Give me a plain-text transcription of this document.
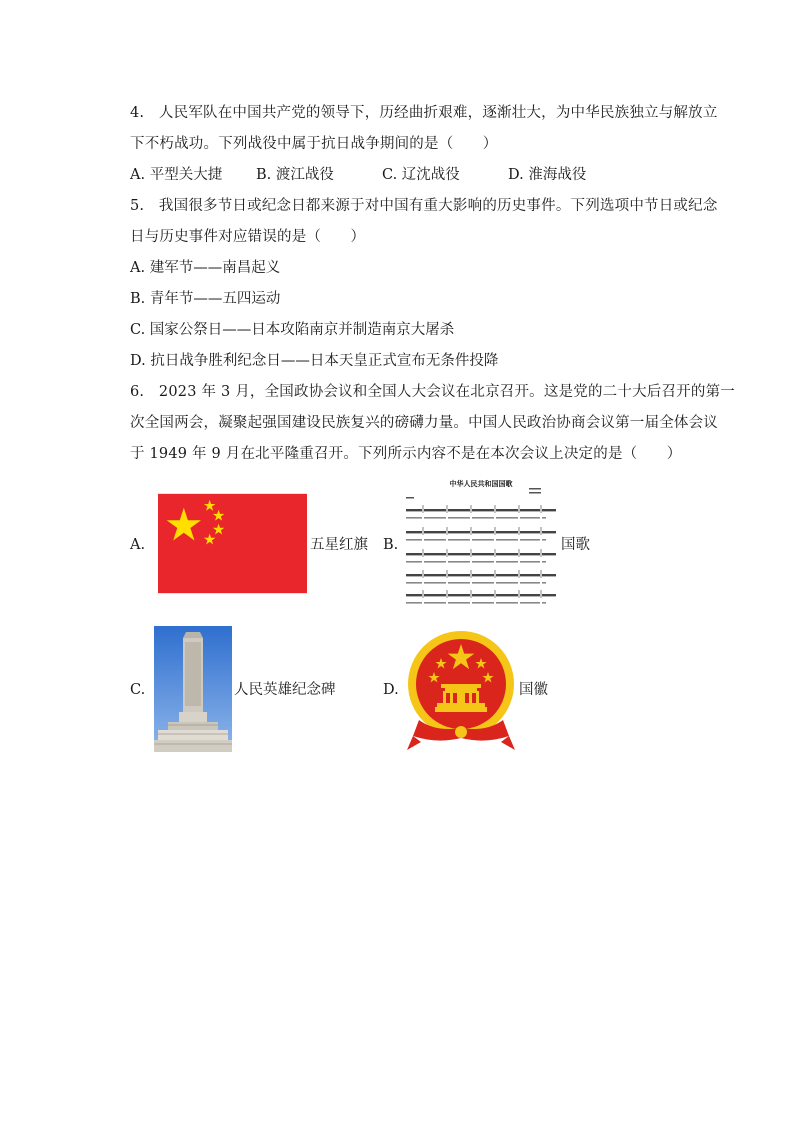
4.　人民军队在中国共产党的领导下，历经曲折艰难，逐渐壮大，为中华民族独立与解放立
下不朽战功。下列战役中属于抗日战争期间的是（　　）
A. 平型关大捷 B. 渡江战役	C. 辽沈战役	D. 淮海战役
5.　我国很多节日或纪念日都来源于对中国有重大影响的历史事件。下列选项中节日或纪念
日与历史事件对应错误的是（　　）
A. 建军节——南昌起义
B. 青年节——五四运动
C. 国家公祭日——日本攻陷南京并制造南京大屠杀
D. 抗日战争胜利纪念日——日本天皇正式宣布无条件投降
6.　2023 年 3 月，全国政协会议和全国人大会议在北京召开。这是党的二十大后召开的第一
次全国两会，凝聚起强国建设民族复兴的磅礴力量。中国人民政治协商会议第一届全体会议
于 1949 年 9 月在北平隆重召开。下列所示内容不是在本次会议上决定的是（　　）
A.	五星红旗 B.
中华人民共和国国歌
国歌
C.	人民英雄纪念碑	D.	国徽
